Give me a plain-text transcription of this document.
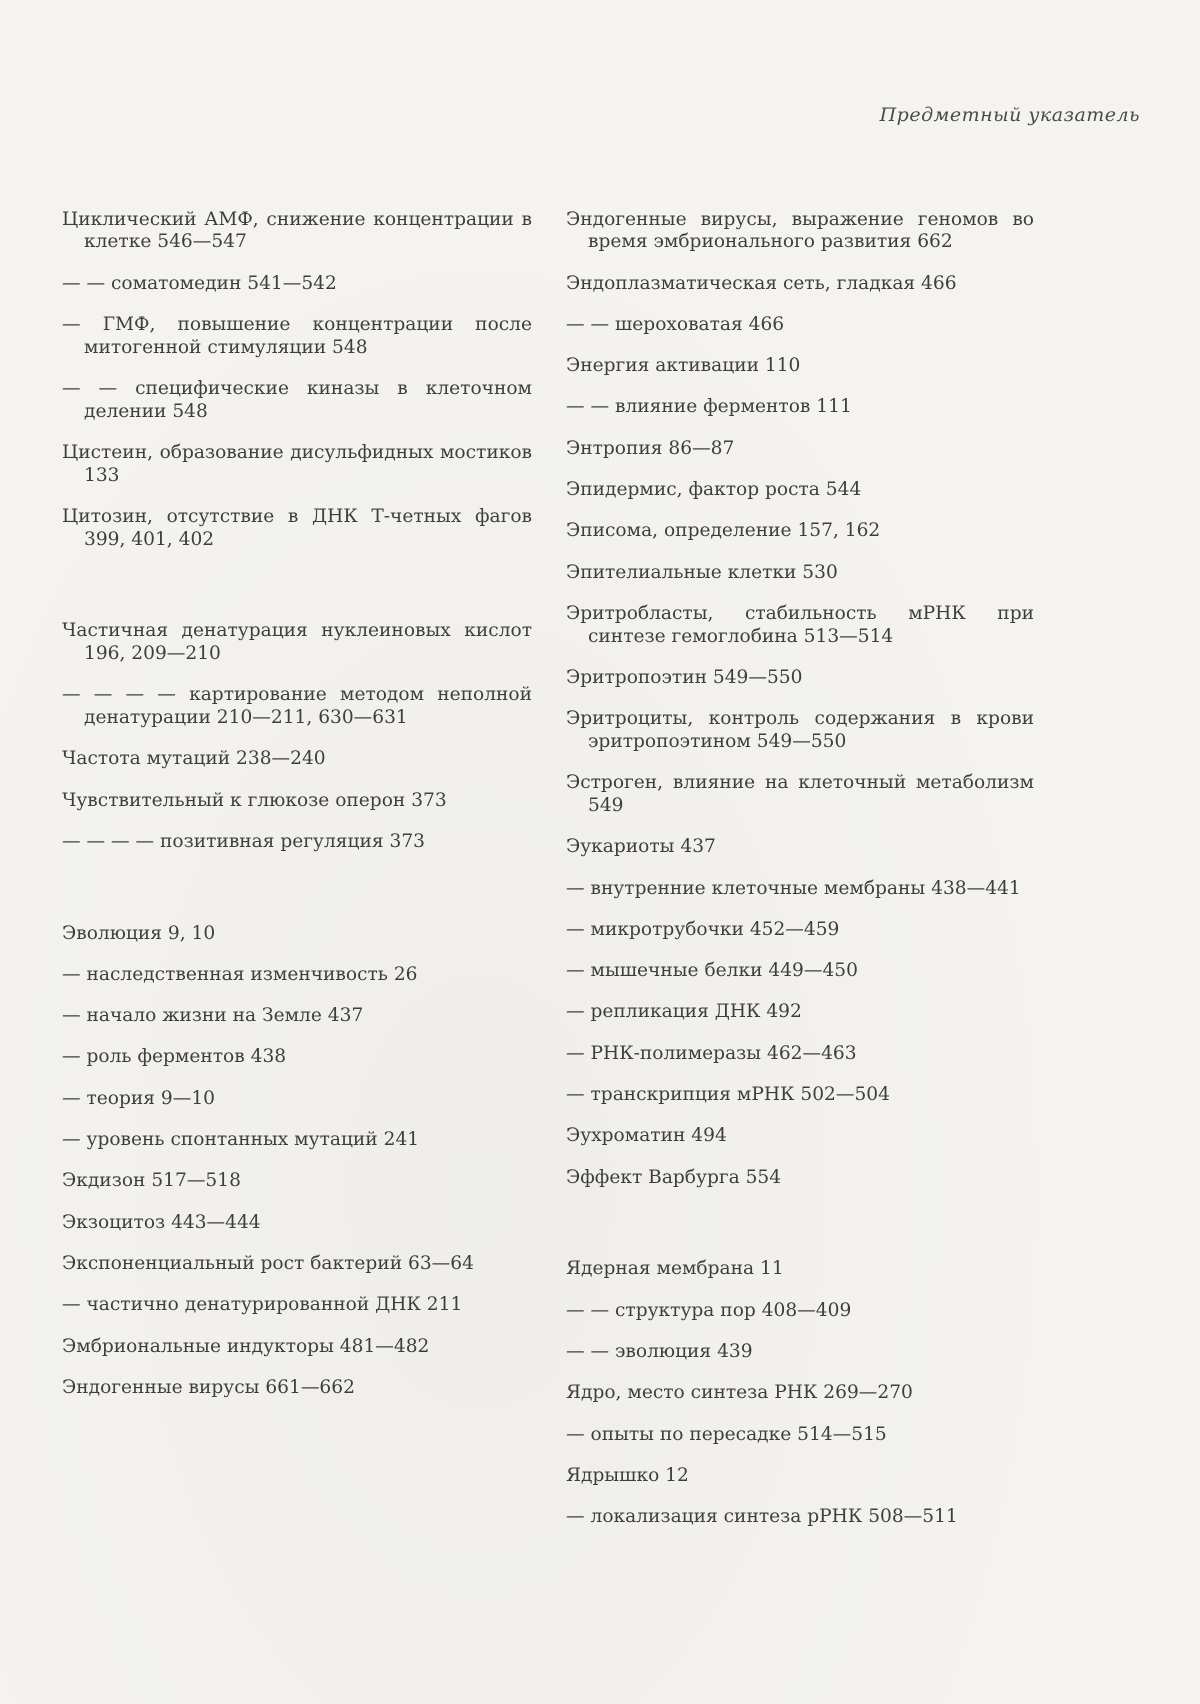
Предметный указатель

Циклический АМФ, снижение концентрации в клетке 546—547

— — соматомедин 541—542

— ГМФ, повышение концентрации после митогенной стимуляции 548

— — специфические киназы в клеточном делении 548

Цистеин, образование дисульфидных мостиков 133

Цитозин, отсутствие в ДНК Т-четных фагов 399, 401, 402

Частичная денатурация нуклеиновых кислот 196, 209—210

— — — — картирование методом неполной денатурации 210—211, 630—631

Частота мутаций 238—240

Чувствительный к глюкозе оперон 373

— — — — позитивная регуляция 373

Эволюция 9, 10

— наследственная изменчивость 26

— начало жизни на Земле 437

— роль ферментов 438

— теория 9—10

— уровень спонтанных мутаций 241

Экдизон 517—518

Экзоцитоз 443—444

Экспоненциальный рост бактерий 63—64

— частично денатурированной ДНК 211

Эмбриональные индукторы 481—482

Эндогенные вирусы 661—662

Эндогенные вирусы, выражение геномов во время эмбрионального развития 662

Эндоплазматическая сеть, гладкая 466

— — шероховатая 466

Энергия активации 110

— — влияние ферментов 111

Энтропия 86—87

Эпидермис, фактор роста 544

Эписома, определение 157, 162

Эпителиальные клетки 530

Эритробласты, стабильность мРНК при синтезе гемоглобина 513—514

Эритропоэтин 549—550

Эритроциты, контроль содержания в крови эритропоэтином 549—550

Эстроген, влияние на клеточный метаболизм 549

Эукариоты 437

— внутренние клеточные мембраны 438—441

— микротрубочки 452—459

— мышечные белки 449—450

— репликация ДНК 492

— РНК-полимеразы 462—463

— транскрипция мРНК 502—504

Эухроматин 494

Эффект Варбурга 554

Ядерная мембрана 11

— — структура пор 408—409

— — эволюция 439

Ядро, место синтеза РНК 269—270

— опыты по пересадке 514—515

Ядрышко 12

— локализация синтеза рРНК 508—511
